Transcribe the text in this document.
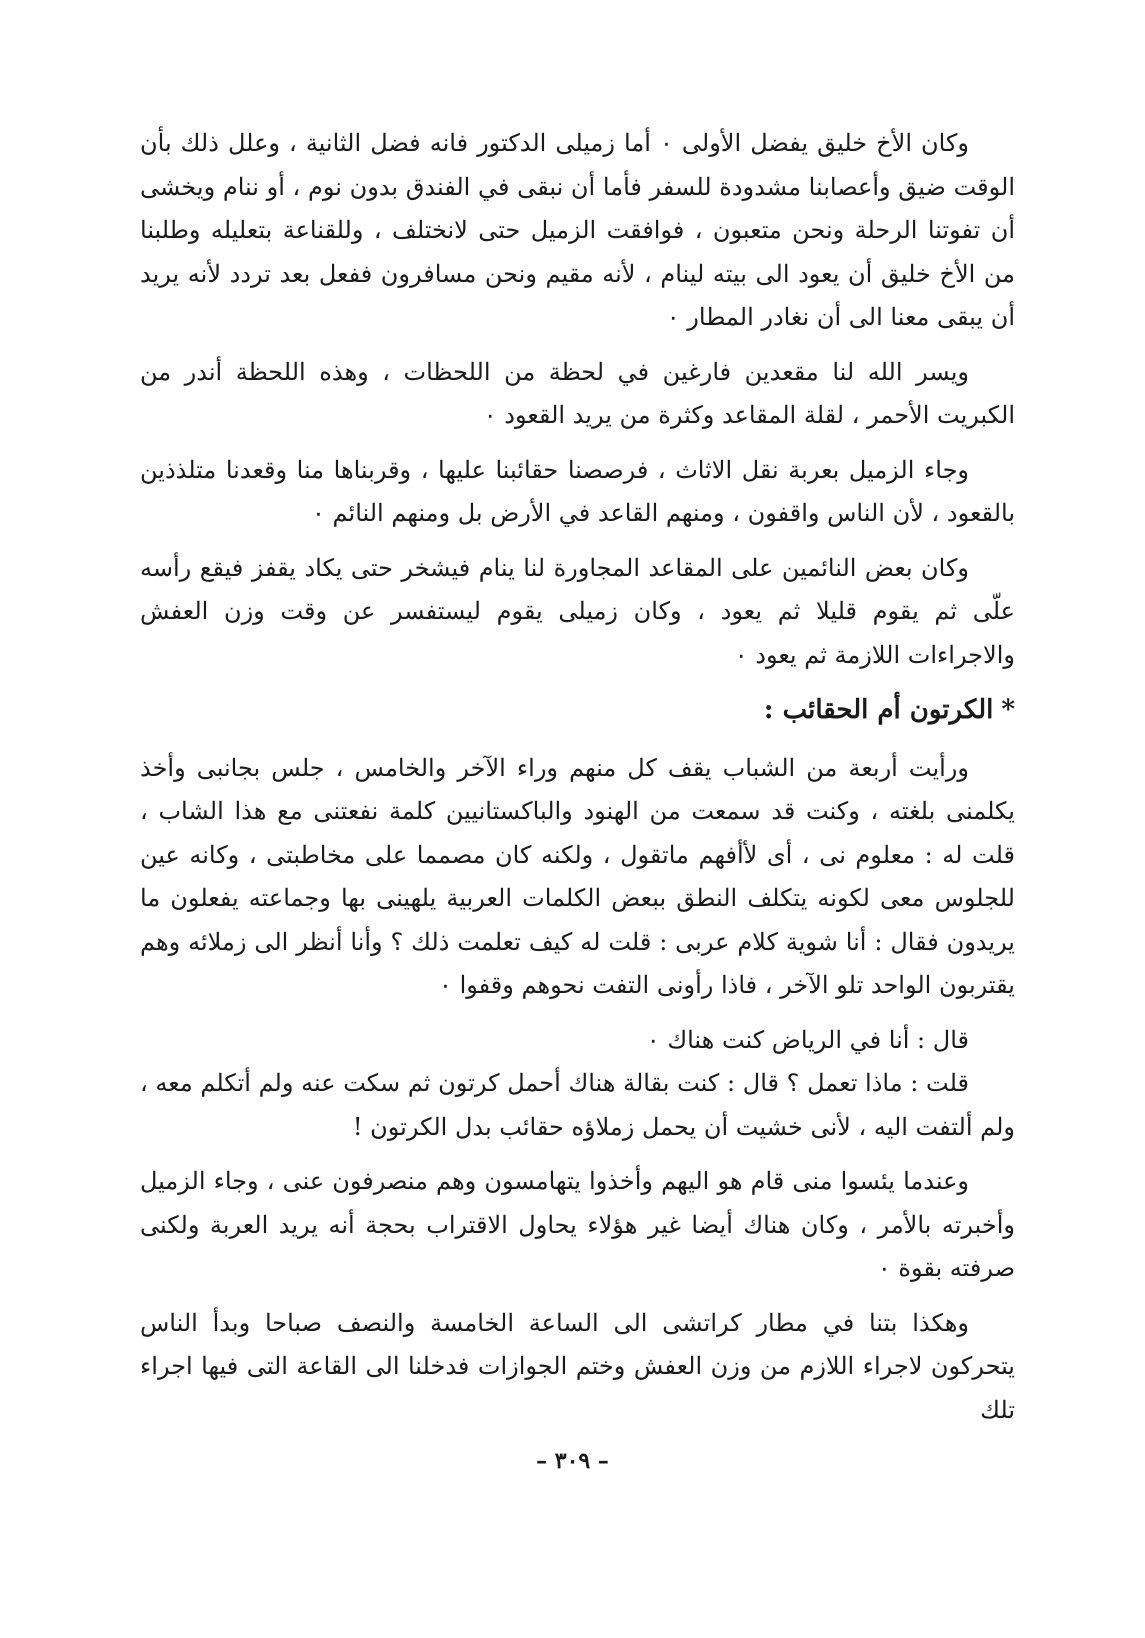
وكان الأخ خليق يفضل الأولى ٠ أما زميلى الدكتور فانه فضل الثانية ، وعلل ذلك بأن الوقت ضيق وأعصابنا مشدودة للسفر فأما أن نبقى في الفندق بدون نوم ، أو ننام ويخشى أن تفوتنا الرحلة ونحن متعبون ، فوافقت الزميل حتى لانختلف ، وللقناعة بتعليله وطلبنا من الأخ خليق أن يعود الى بيته لينام ، لأنه مقيم ونحن مسافرون ففعل بعد تردد لأنه يريد أن يبقى معنا الى أن نغادر المطار ٠

ويسر الله لنا مقعدين فارغين في لحظة من اللحظات ، وهذه اللحظة أندر من الكبريت الأحمر ، لقلة المقاعد وكثرة من يريد القعود ٠

وجاء الزميل بعربة نقل الاثاث ، فرصصنا حقائبنا عليها ، وقربناها منا وقعدنا متلذذين بالقعود ، لأن الناس واقفون ، ومنهم القاعد في الأرض بل ومنهم النائم ٠

وكان بعض النائمين على المقاعد المجاورة لنا ينام فيشخر حتى يكاد يقفز فيقع رأسه علّى ثم يقوم قليلا ثم يعود ، وكان زميلى يقوم ليستفسر عن وقت وزن العفش والاجراءات اللازمة ثم يعود ٠

*الكرتون أم الحقائب :

ورأيت أربعة من الشباب يقف كل منهم وراء الآخر والخامس ، جلس بجانبى وأخذ يكلمنى بلغته ، وكنت قد سمعت من الهنود والباكستانيين كلمة نفعتنى مع هذا الشاب ، قلت له : معلوم نى ، أى لأأفهم ماتقول ، ولكنه كان مصمما على مخاطبتى ، وكانه عين للجلوس معى لكونه يتكلف النطق ببعض الكلمات العربية يلهينى بها وجماعته يفعلون ما يريدون فقال : أنا شوية كلام عربى : قلت له كيف تعلمت ذلك ؟ وأنا أنظر الى زملائه وهم يقتربون الواحد تلو الآخر ، فاذا رأونى التفت نحوهم وقفوا ٠

قال : أنا في الرياض كنت هناك ٠

قلت : ماذا تعمل ؟ قال : كنت بقالة هناك أحمل كرتون ثم سكت عنه ولم أتكلم معه ، ولم ألتفت اليه ، لأنى خشيت أن يحمل زملاؤه حقائب بدل الكرتون !

وعندما يئسوا منى قام هو اليهم وأخذوا يتهامسون وهم منصرفون عنى ، وجاء الزميل وأخبرته بالأمر ، وكان هناك أيضا غير هؤلاء يحاول الاقتراب بحجة أنه يريد العربة ولكنى صرفته بقوة ٠

وهكذا بتنا في مطار كراتشى الى الساعة الخامسة والنصف صباحا وبدأ الناس يتحركون لاجراء اللازم من وزن العفش وختم الجوازات فدخلنا الى القاعة التى فيها اجراء تلك

– ٣٠٩ –
